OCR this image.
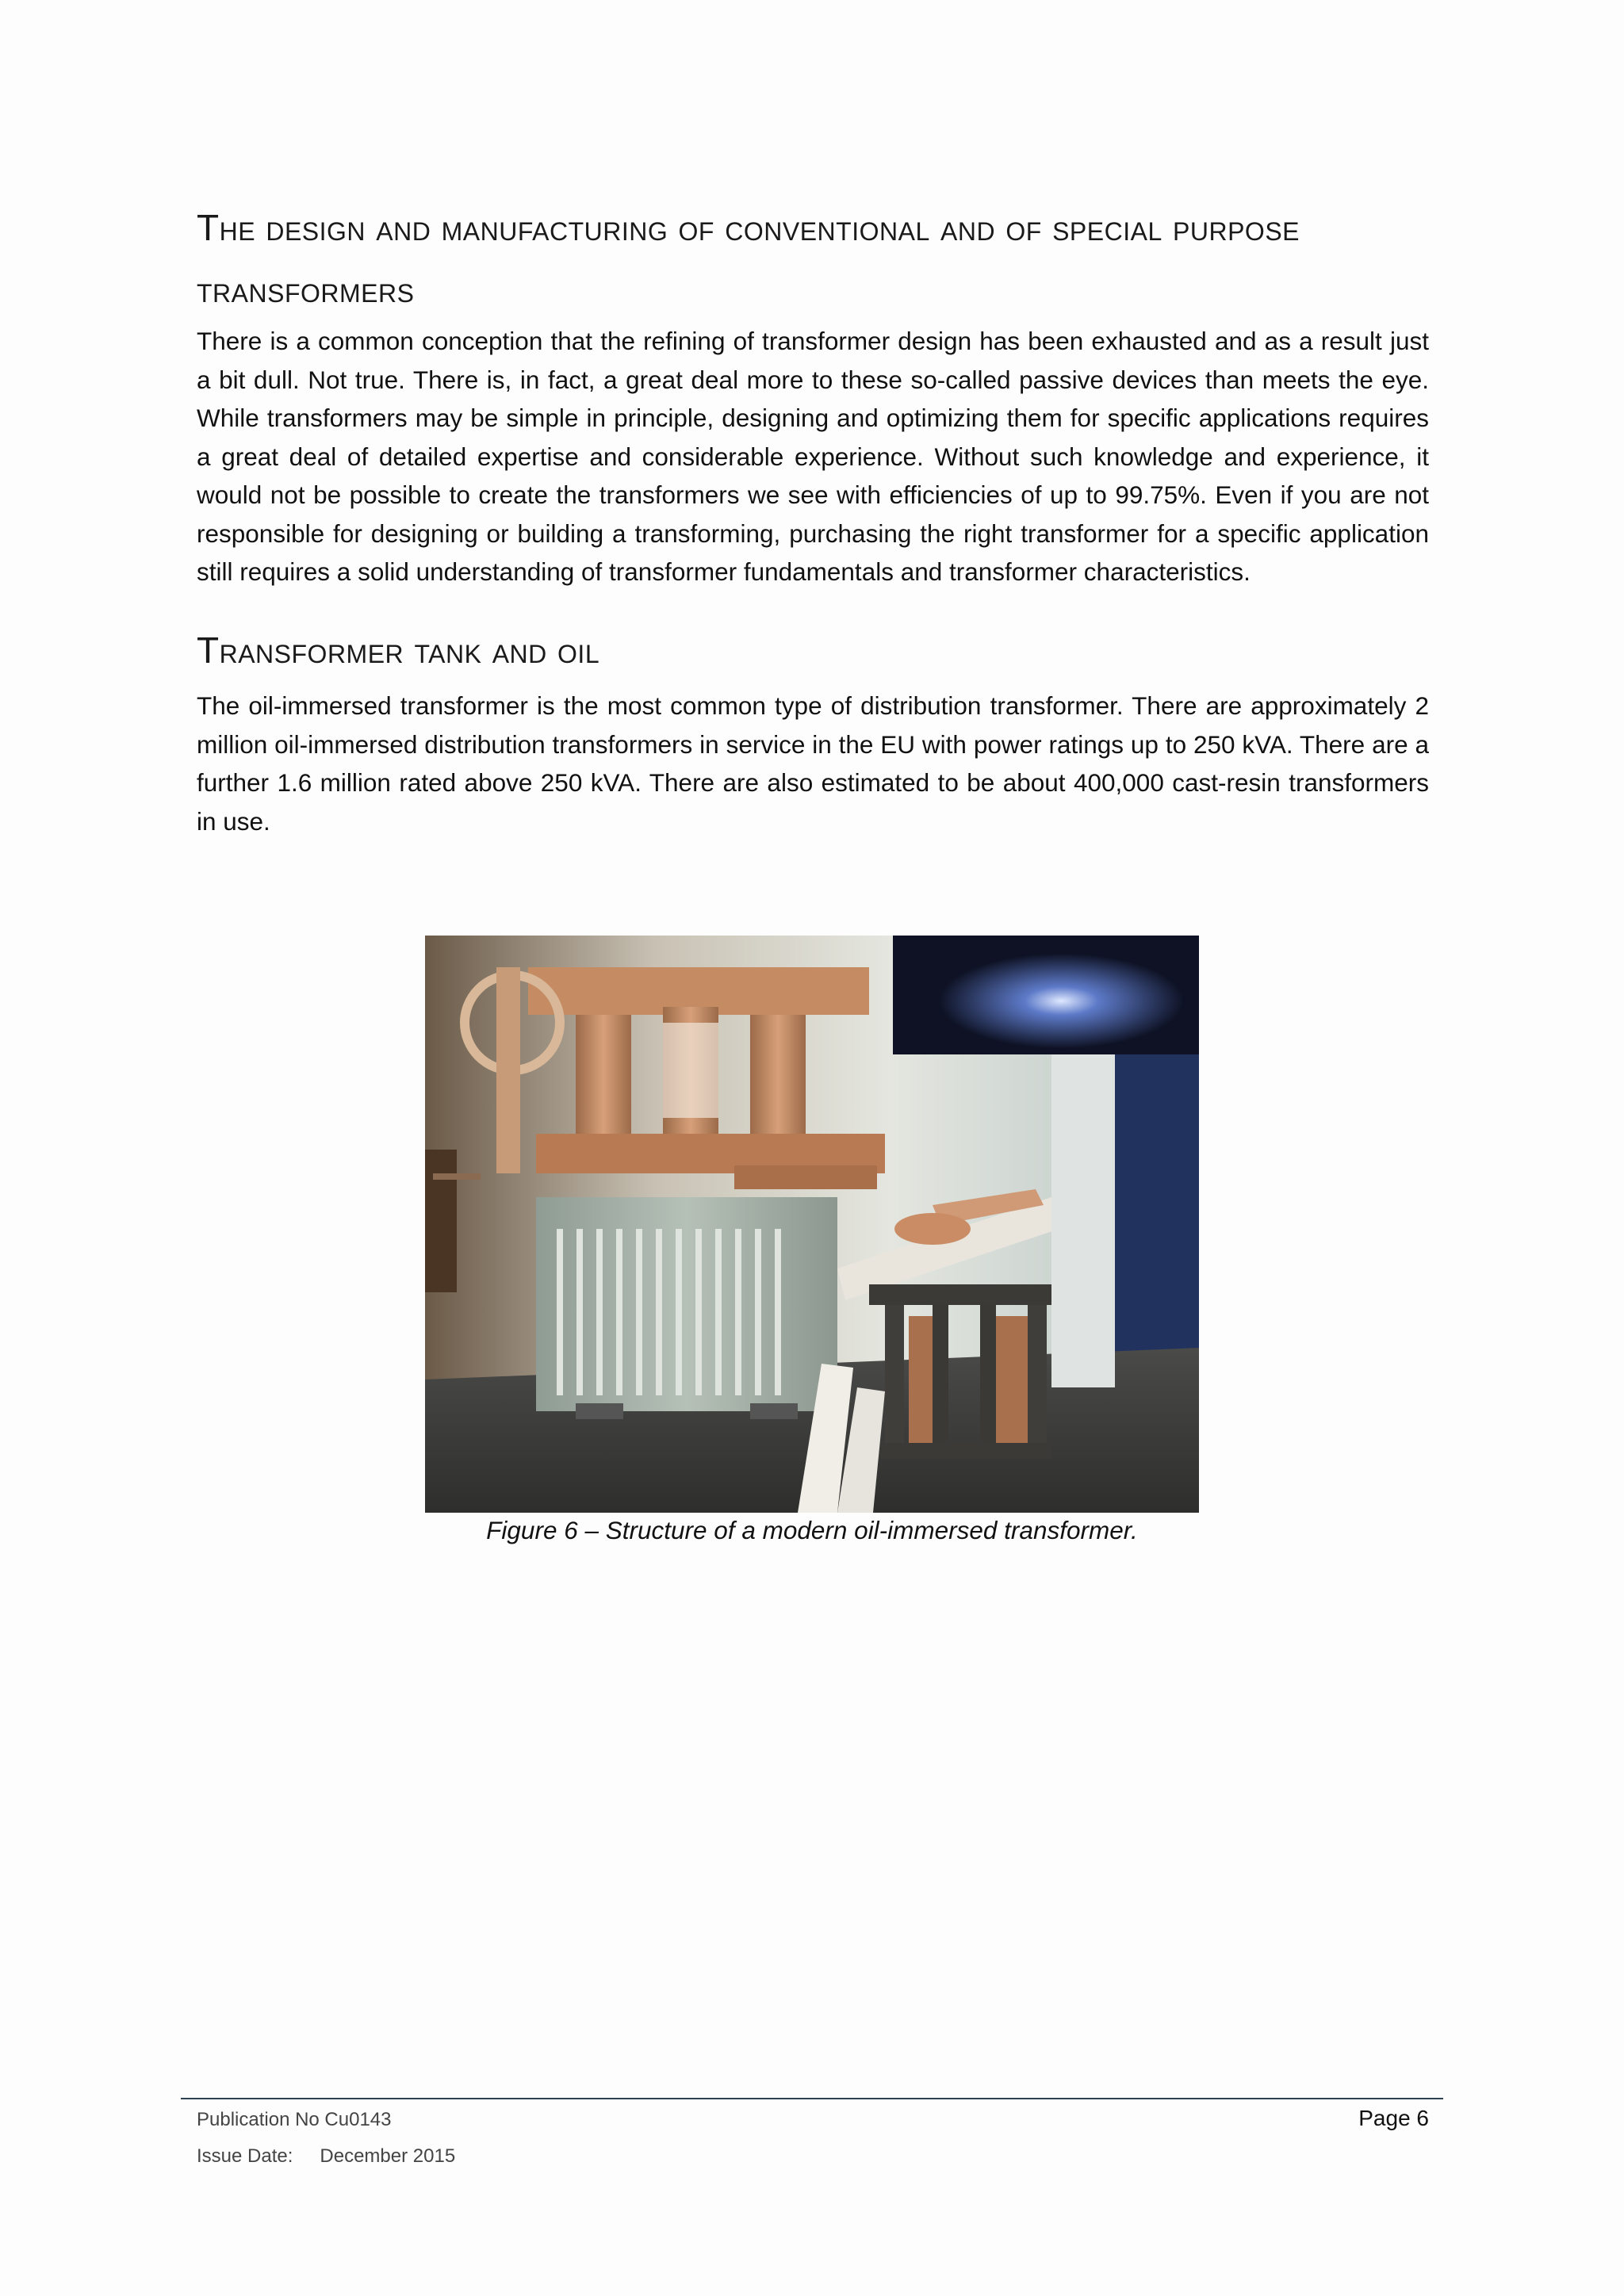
The design and manufacturing of conventional and of special purpose transformers

There is a common conception that the refining of transformer design has been exhausted and as a result just a bit dull. Not true. There is, in fact, a great deal more to these so-called passive devices than meets the eye. While transformers may be simple in principle, designing and optimizing them for specific applications requires a great deal of detailed expertise and considerable experience. Without such knowledge and experience, it would not be possible to create the transformers we see with efficiencies of up to 99.75%. Even if you are not responsible for designing or building a transforming, purchasing the right transformer for a specific application still requires a solid understanding of transformer fundamentals and transformer characteristics.

Transformer tank and oil

The oil-immersed transformer is the most common type of distribution transformer. There are approximately 2 million oil-immersed distribution transformers in service in the EU with power ratings up to 250 kVA. There are a further 1.6 million rated above 250 kVA. There are also estimated to be about 400,000 cast-resin transformers in use.

Figure 6 – Structure of a modern oil-immersed transformer.
Publication No Cu0143
Issue Date: December 2015
Page 6
